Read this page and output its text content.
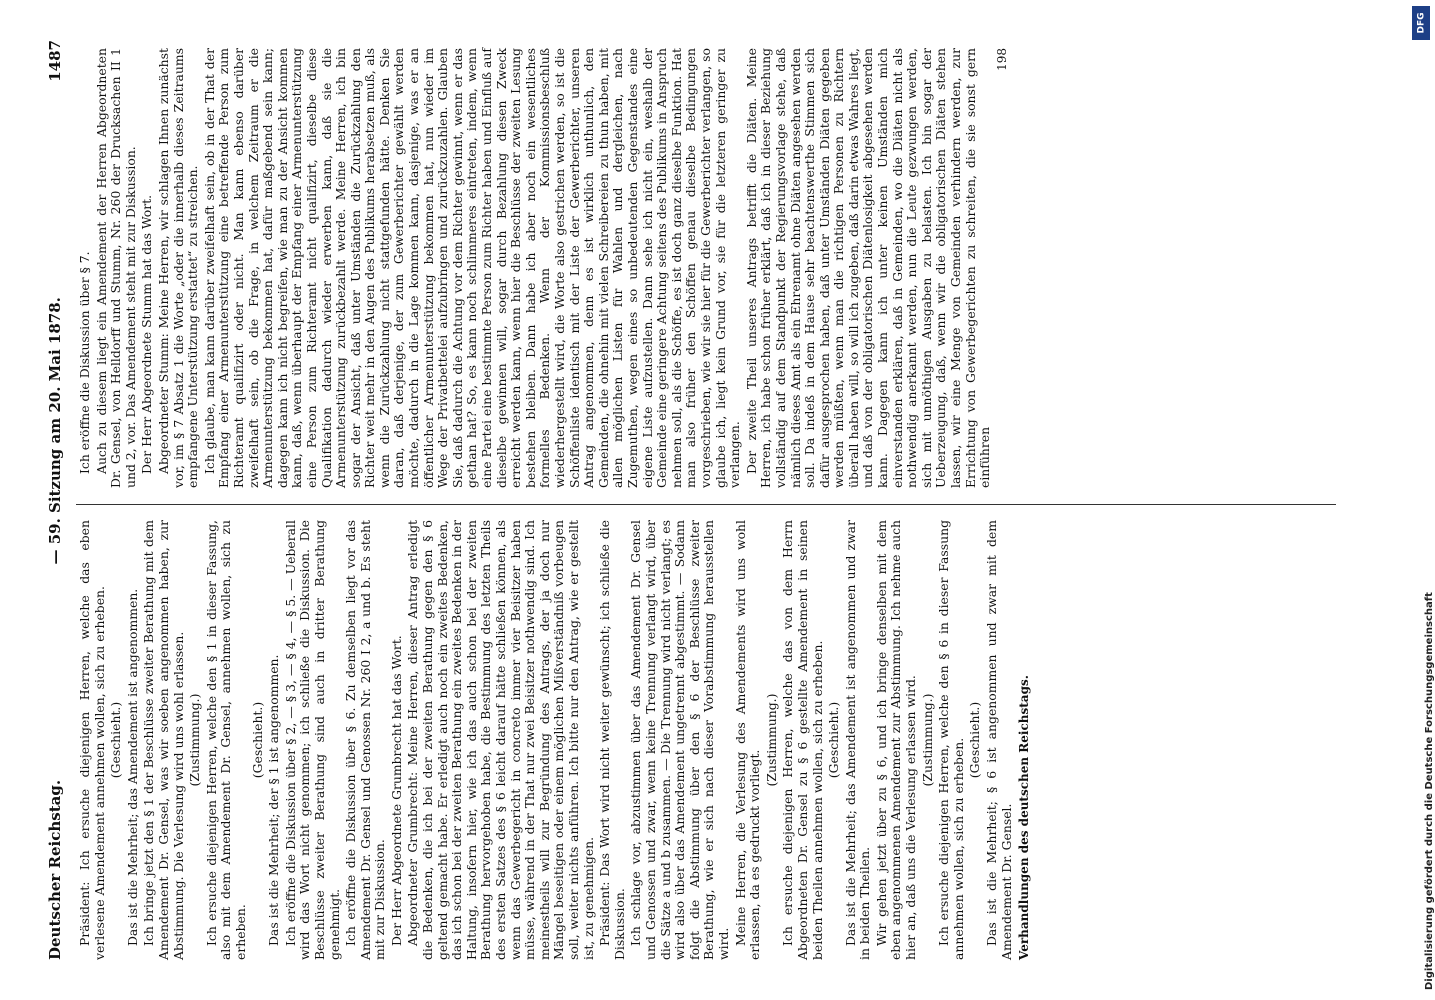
Deutscher Reichstag.
— 59. Sitzung am 20. Mai 1878.
1487

Präsident: Ich ersuche diejenigen Herren, welche das eben verlesene Amendement annehmen wollen, sich zu erheben. (Geschieht.) Das ist die Mehrheit; das Amendement ist angenommen. Ich bringe jetzt den § 1 der Beschlüsse zweiter Berathung mit dem Amendement Dr. Gensel, was wir soeben angenommen haben, zur Abstimmung. Die Verlesung wird uns wohl erlassen. (Zustimmung.) Ich ersuche diejenigen Herren, welche den § 1 in dieser Fassung, also mit dem Amendement Dr. Gensel, annehmen wollen, sich zu erheben.

(Geschieht.) Das ist die Mehrheit; der § 1 ist angenommen. Ich eröffne die Diskussion über § 2, — § 3, — § 4, — § 5. — Ueberall wird das Wort nicht genommen; ich schließe die Diskussion. Die Beschlüsse zweiter Berathung sind auch in dritter Berathung genehmigt. Ich eröffne die Diskussion über § 6. Zu demselben liegt vor das Amendement Dr. Gensel und Genossen Nr. 260 I 2, a und b. Es steht mit zur Diskussion. Der Herr Abgeordnete Grumbrecht hat das Wort. Abgeordneter Grumbrecht: Meine Herren, dieser Antrag erledigt die Bedenken, die ich bei der zweiten Berathung gegen den § 6 geltend gemacht habe. Er erledigt auch noch ein zweites Bedenken, das ich schon bei der zweiten Berathung ein zweites Bedenken in der Haltung, insofern hier, wie ich das auch schon bei der zweiten Berathung hervorgehoben habe, die Bestimmung des letzten Theils des ersten Satzes des § 6 leicht darauf hätte schließen können, als wenn das Gewerbegericht in concreto immer vier Beisitzer haben müsse, während in der That nur zwei Beisitzer nothwendig sind. Ich meinestheils will zur Begründung des Antrags, der ja doch nur Mängel beseitigen oder einem möglichen Mißverständniß vorbeugen soll, weiter nichts anführen. Ich bitte nur den Antrag, wie er gestellt ist, zu genehmigen. Präsident: Das Wort wird nicht weiter gewünscht; ich schließe die Diskussion. Ich schlage vor, abzustimmen über das Amendement Dr. Gensel und Genossen und zwar, wenn keine Trennung verlangt wird, über die Sätze a und b zusammen. — Die Trennung wird nicht verlangt; es wird also über das Amendement ungetrennt abgestimmt. — Sodann folgt die Abstimmung über den § 6 der Beschlüsse zweiter Berathung, wie er sich nach dieser Vorabstimmung herausstellen wird. Meine Herren, die Verlesung des Amendements wird uns wohl erlassen, da es gedruckt vorliegt.

(Zustimmung.) Ich ersuche diejenigen Herren, welche das von dem Herrn Abgeordneten Dr. Gensel zu § 6 gestellte Amendement in seinen beiden Theilen annehmen wollen, sich zu erheben. (Geschieht.) Das ist die Mehrheit; das Amendement ist angenommen und zwar in beiden Theilen. Wir gehen jetzt über zu § 6, und ich bringe denselben mit dem eben angenommenen Amendement zur Abstimmung. Ich nehme auch hier an, daß uns die Verlesung erlassen wird. (Zustimmung.) Ich ersuche diejenigen Herren, welche den § 6 in dieser Fassung annehmen wollen, sich zu erheben. (Geschieht.) Das ist die Mehrheit; § 6 ist angenommen und zwar mit dem Amendement Dr. Gensel. Verhandlungen des deutschen Reichstags.

Ich eröffne die Diskussion über § 7. Auch zu diesem liegt ein Amendement der Herren Abgeordneten Dr. Gensel, von Helldorff und Stumm, Nr. 260 der Drucksachen II 1 und 2, vor. Das Amendement steht mit zur Diskussion. Der Herr Abgeordnete Stumm hat das Wort. Abgeordneter Stumm: Meine Herren, wir schlagen Ihnen zunächst vor, im § 7 Absatz 1 die Worte „oder die innerhalb dieses Zeitraums empfangene Unterstützung erstattet“ zu streichen. Ich glaube, man kann darüber zweifelhaft sein, ob in der That der Empfang einer Armenunterstützung eine betreffende Person zum Richteramt qualifizirt oder nicht. Man kann ebenso darüber zweifelhaft sein, ob die Frage, in welchem Zeitraum er die Armenunterstützung bekommen hat, dafür maßgebend sein kann; dagegen kann ich nicht begreifen, wie man zu der Ansicht kommen kann, daß, wenn überhaupt der Empfang einer Armenunterstützung eine Person zum Richteramt nicht qualifizirt, dieselbe diese Qualifikation dadurch wieder erwerben kann, daß sie die Armenunterstützung zurückbezahlt werde. Meine Herren, ich bin sogar der Ansicht, daß unter Umständen die Zurückzahlung den Richter weit mehr in den Augen des Publikums herabsetzen muß, als wenn die Zurückzahlung nicht stattgefunden hätte. Denken Sie daran, daß derjenige, der zum Gewerberichter gewählt werden möchte, dadurch in die Lage kommen kann, dasjenige, was er an öffentlicher Armenunterstützung bekommen hat, nun wieder im Wege der Privatbettelei aufzubringen und zurückzuzahlen. Glauben Sie, daß dadurch die Achtung vor dem Richter gewinnt, wenn er das gethan hat? So, es kann noch schlimmeres eintreten, indem, wenn eine Partei eine bestimmte Person zum Richter haben und Einfluß auf dieselbe gewinnen will, sogar durch Bezahlung diesen Zweck erreicht werden kann, wenn hier die Beschlüsse der zweiten Lesung bestehen bleiben. Dann habe ich aber noch ein wesentliches formelles Bedenken. Wenn der Kommissionsbeschluß wiederhergestellt wird, die Worte also gestrichen werden, so ist die Schöffenliste identisch mit der Liste der Gewerberichter, unseren Antrag angenommen, denn es ist wirklich unthunlich, den Gemeinden, die ohnehin mit vielen Schreibereien zu thun haben, mit allen möglichen Listen für Wahlen und dergleichen, nach Zugemuthen, wegen eines so unbedeutenden Gegenstandes eine eigene Liste aufzustellen. Dann sehe ich nicht ein, weshalb der Gemeinde eine geringere Achtung seitens des Publikums in Anspruch nehmen soll, als die Schöffe, es ist doch ganz dieselbe Funktion. Hat man also früher den Schöffen genau dieselbe Bedingungen vorgeschrieben, wie wir sie hier für die Gewerberichter verlangen, so glaube ich, liegt kein Grund vor, sie für die letzteren geringer zu verlangen. Der zweite Theil unseres Antrags betrifft die Diäten. Meine Herren, ich habe schon früher erklärt, daß ich in dieser Beziehung vollständig auf dem Standpunkt der Regierungsvorlage stehe, daß nämlich dieses Amt als ein Ehrenamt ohne Diäten angesehen werden soll. Da indeß in dem Hause sehr beachtenswerthe Stimmen sich dafür ausgesprochen haben, daß unter Umständen Diäten gegeben werden müßten, wenn man die richtigen Personen zu Richtern überall haben will, so will ich zugeben, daß darin etwas Wahres liegt, und daß von der obligatorischen Diätenlosigkeit abgesehen werden kann. Dagegen kann ich unter keinen Umständen mich einverstanden erklären, daß in Gemeinden, wo die Diäten nicht als nothwendig anerkannt werden, nun die Leute gezwungen werden, sich mit unnöthigen Ausgaben zu belasten. Ich bin sogar der Ueberzeugung, daß, wenn wir die obligatorischen Diäten stehen lassen, wir eine Menge von Gemeinden verhindern werden, zur Errichtung von Gewerbegerichten zu schreiten, die sie sonst gern einführen

198

Digitalisierung gefördert durch die Deutsche Forschungsgemeinschaft
DFG
